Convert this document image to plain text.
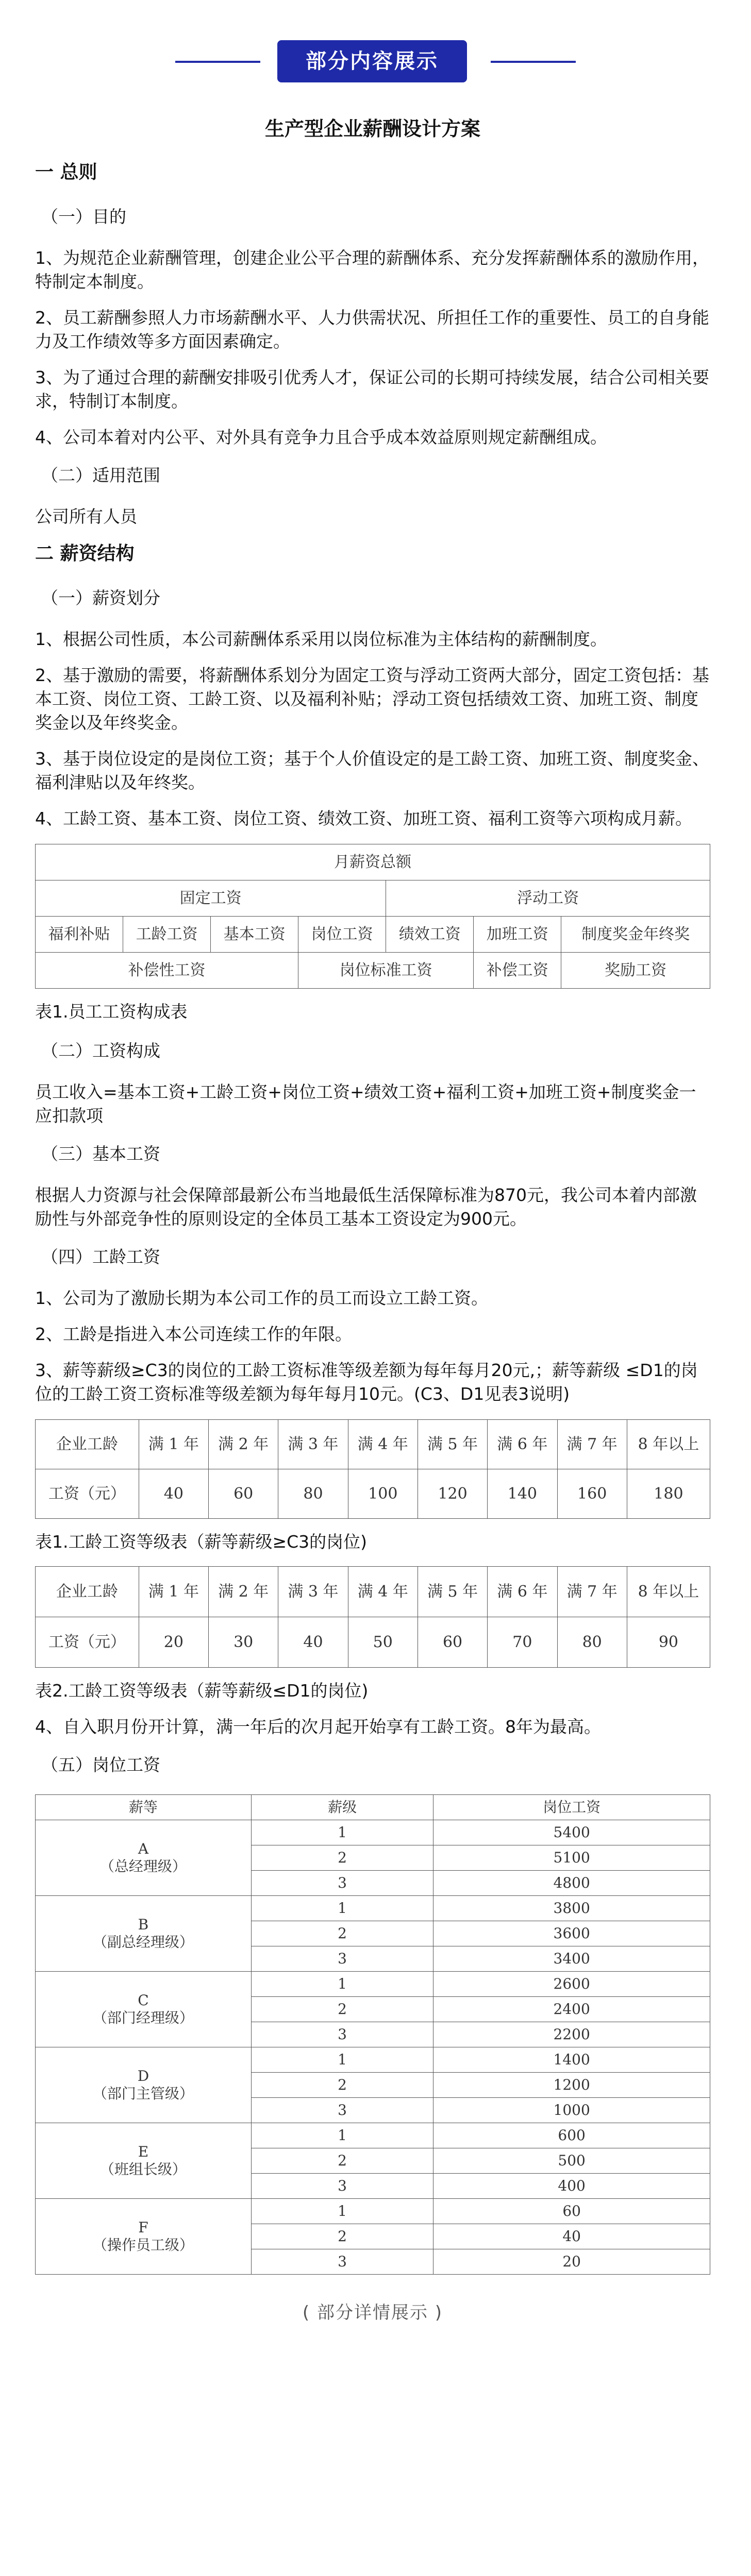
部分内容展示
生产型企业薪酬设计方案
一 总则
（一）目的
1、为规范企业薪酬管理，创建企业公平合理的薪酬体系、充分发挥薪酬体系的激励作用，特制定本制度。
2、员工薪酬参照人力市场薪酬水平、人力供需状况、所担任工作的重要性、员工的自身能力及工作绩效等多方面因素确定。
3、为了通过合理的薪酬安排吸引优秀人才，保证公司的长期可持续发展，结合公司相关要求，特制订本制度。
4、公司本着对内公平、对外具有竞争力且合乎成本效益原则规定薪酬组成。
（二）适用范围
公司所有人员
二 薪资结构
（一）薪资划分
1、根据公司性质，本公司薪酬体系采用以岗位标准为主体结构的薪酬制度。
2、基于激励的需要，将薪酬体系划分为固定工资与浮动工资两大部分，固定工资包括：基本工资、岗位工资、工龄工资、以及福利补贴；浮动工资包括绩效工资、加班工资、制度奖金以及年终奖金。
3、基于岗位设定的是岗位工资；基于个人价值设定的是工龄工资、加班工资、制度奖金、福利津贴以及年终奖。
4、工龄工资、基本工资、岗位工资、绩效工资、加班工资、福利工资等六项构成月薪。
月薪资总额						
固定工资				浮动工资		
福利补贴	工龄工资	基本工资	岗位工资	绩效工资	加班工资	制度奖金年终奖
补偿性工资			岗位标准工资		补偿工资	奖励工资
表1.员工工资构成表
（二）工资构成
员工收入=基本工资+工龄工资+岗位工资+绩效工资+福利工资+加班工资+制度奖金一应扣款项
（三）基本工资
根据人力资源与社会保障部最新公布当地最低生活保障标准为870元，我公司本着内部激励性与外部竞争性的原则设定的全体员工基本工资设定为900元。
（四）工龄工资
1、公司为了激励长期为本公司工作的员工而设立工龄工资。
2、工龄是指进入本公司连续工作的年限。
3、薪等薪级≥C3的岗位的工龄工资标准等级差额为每年每月20元,；薪等薪级 ≤D1的岗位的工龄工资工资标准等级差额为每年每月10元。(C3、D1见表3说明)
企业工龄	满 1 年	满 2 年	满 3 年	满 4 年	满 5 年	满 6 年	满 7 年	8 年以上
工资（元）	40	60	80	100	120	140	160	180
表1.工龄工资等级表（薪等薪级≥C3的岗位)
企业工龄	满 1 年	满 2 年	满 3 年	满 4 年	满 5 年	满 6 年	满 7 年	8 年以上
工资（元）	20	30	40	50	60	70	80	90
表2.工龄工资等级表（薪等薪级≤D1的岗位)
4、自入职月份开计算，满一年后的次月起开始享有工龄工资。8年为最高。
（五）岗位工资
薪等	薪级	岗位工资

A
（总经理级）	1	5400
	2	5100
	3	4800

B
（副总经理级）	1	3800
	2	3600
	3	3400

C
（部门经理级）	1	2600
	2	2400
	3	2200

D
（部门主管级）	1	1400
	2	1200
	3	1000

E
（班组长级）	1	600
	2	500
	3	400

F
（操作员工级）	1	60
	2	40
	3	20
( 部分详情展示 )
